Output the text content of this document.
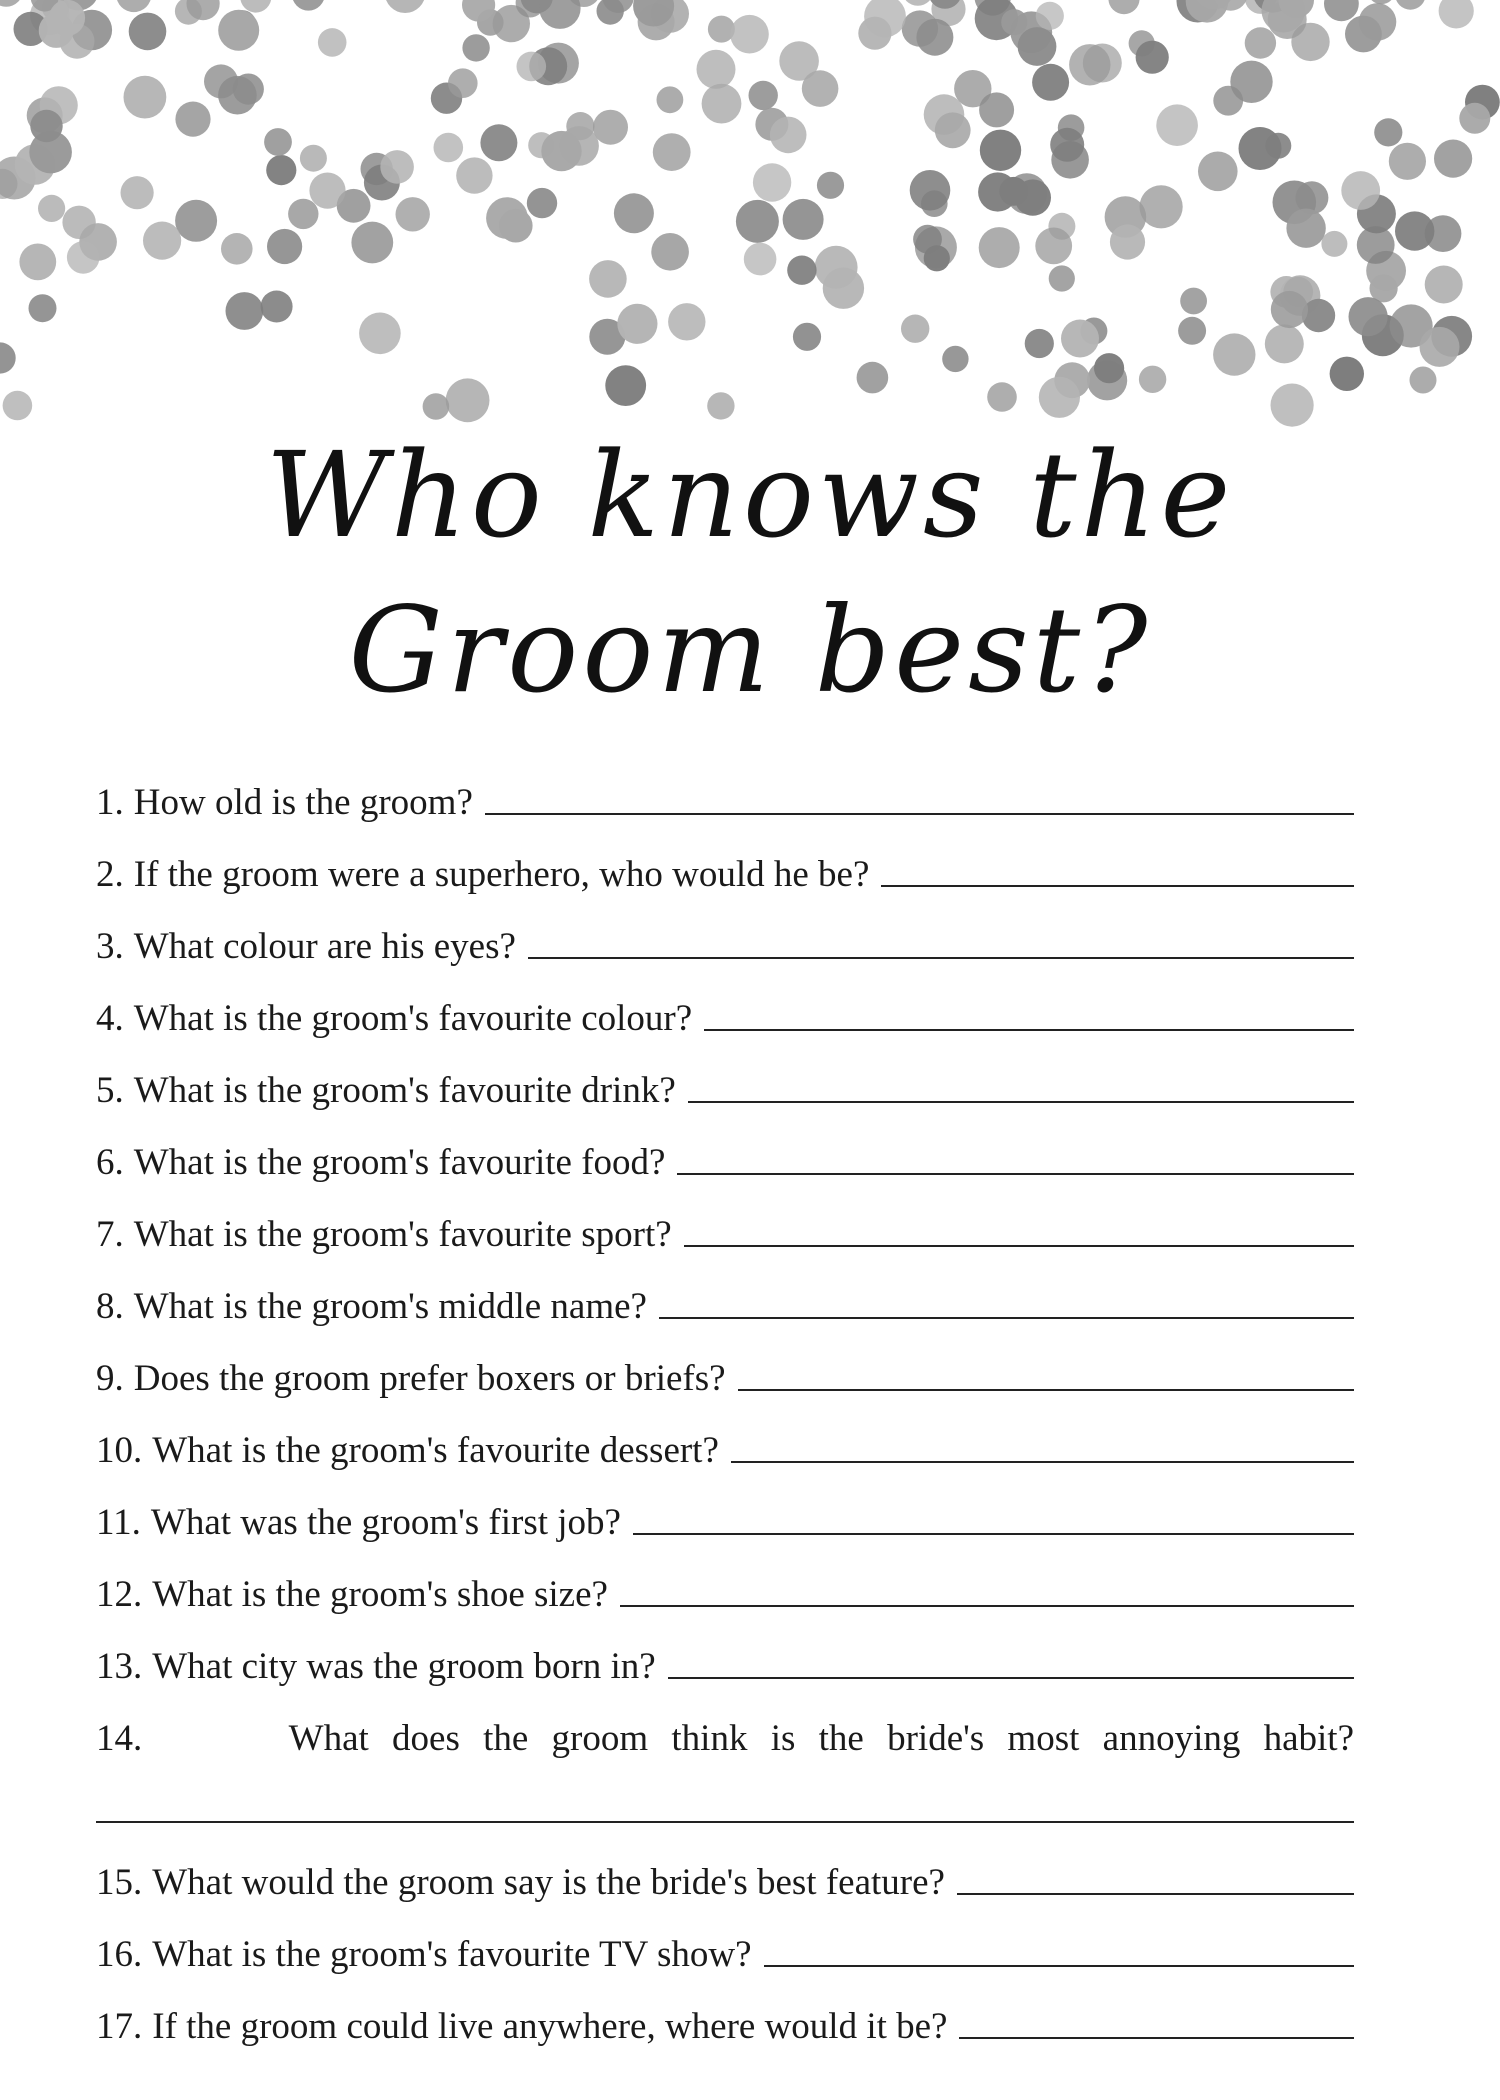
Who knows the
Groom best?
1. How old is the groom?
2. If the groom were a superhero, who would he be?
3. What colour are his eyes?
4. What is the groom's favourite colour?
5. What is the groom's favourite drink?
6. What is the groom's favourite food?
7. What is the groom's favourite sport?
8. What is the groom's middle name?
9. Does the groom prefer boxers or briefs?
10. What is the groom's favourite dessert?
11. What was the groom's first job?
12. What is the groom's shoe size?
13. What city was the groom born in?
14.	What does the groom think is the bride's most annoying habit?
15. What would the groom say is the bride's best feature?
16. What is the groom's favourite TV show?
17. If the groom could live anywhere, where would it be?
